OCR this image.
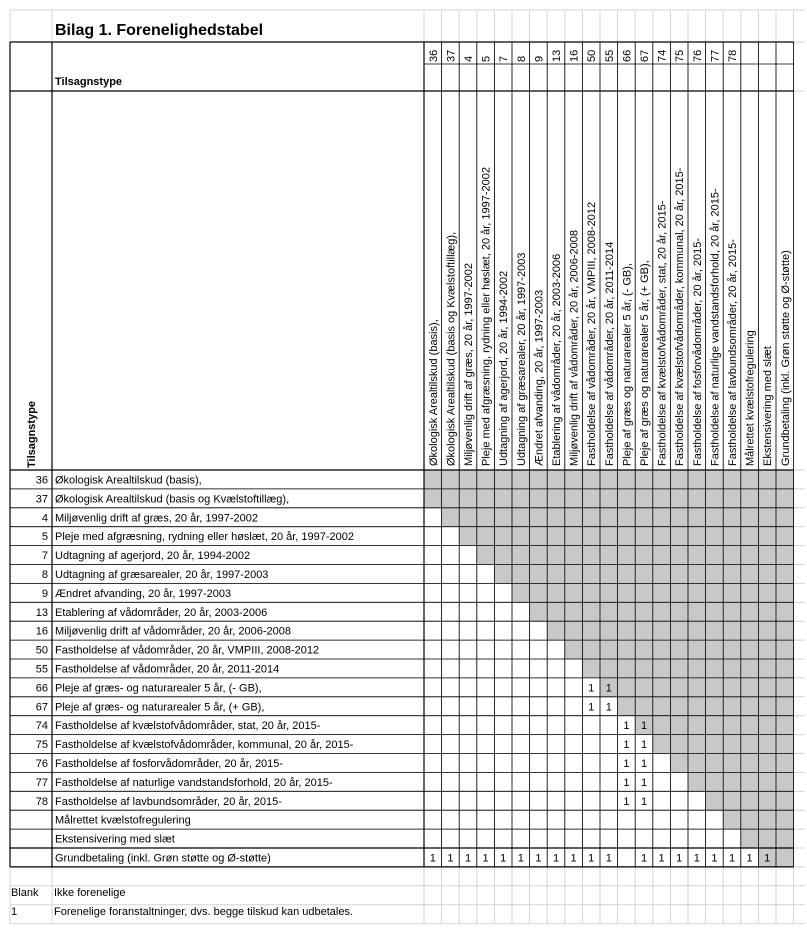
Bilag 1. Forenelighedstabel
Tilsagnstype
Tilsagnstype
36 Økologisk Arealtilskud (basis),
37 Økologisk Arealtilskud (basis og Kvælstoftillæg),
4 Miljøvenlig drift af græs, 20 år, 1997-2002
5 Pleje med afgræsning, rydning eller høslæt, 20 år, 1997-2002
7 Udtagning af agerjord, 20 år, 1994-2002
8 Udtagning af græsarealer, 20 år, 1997-2003
9 Ændret afvanding, 20 år, 1997-2003
13 Etablering af vådområder, 20 år, 2003-2006
16 Miljøvenlig drift af vådområder, 20 år, 2006-2008
50 Fastholdelse af vådområder, 20 år, VMPIII, 2008-2012
55 Fastholdelse af vådområder, 20 år, 2011-2014
66 Pleje af græs- og naturarealer 5 år, (- GB),
67 Pleje af græs- og naturarealer 5 år, (+ GB),
74 Fastholdelse af kvælstofvådområder, stat, 20 år, 2015-
75 Fastholdelse af kvælstofvådområder, kommunal, 20 år, 2015-
76 Fastholdelse af fosforvådområder, 20 år, 2015-
77 Fastholdelse af naturlige vandstandsforhold, 20 år, 2015-
78 Fastholdelse af lavbundsområder, 20 år, 2015-
Målrettet kvælstofregulering
Ekstensivering med slæt
Grundbetaling (inkl. Grøn støtte og Ø-støtte)
36
Økologisk Arealtilskud (basis),
37
Økologisk Arealtilskud (basis og Kvælstoftillæg),
4
Miljøvenlig drift af græs, 20 år, 1997-2002
5
Pleje med afgræsning, rydning eller høslæt, 20 år, 1997-2002
7
Udtagning af agerjord, 20 år, 1994-2002
8
Udtagning af græsarealer, 20 år, 1997-2003
9
Ændret afvanding, 20 år, 1997-2003
13
Etablering af vådområder, 20 år, 2003-2006
16
Miljøvenlig drift af vådområder, 20 år, 2006-2008
50
Fastholdelse af vådområder, 20 år, VMPIII, 2008-2012
55
Fastholdelse af vådområder, 20 år, 2011-2014
66
Pleje af græs og naturarealer 5 år, (- GB),
67
Pleje af græs og naturarealer 5 år, (+ GB),
74
Fastholdelse af kvælstofvådområder, stat, 20 år, 2015-
75
Fastholdelse af kvælstofvådområder, kommunal, 20 år, 2015-
76
Fastholdelse af fosforvådområder, 20 år, 2015-
77
Fastholdelse af naturlige vandstandsforhold, 20 år, 2015-
78
Fastholdelse af lavbundsområder, 20 år, 2015- Målrettet kvælstofregulering Ekstensivering med slæt Grundbetaling (inkl. Grøn støtte og Ø-støtte)
1 1
1 1
1 1
1 1
1 1
1 1
1 1
1 1 1 1 1 1 1 1 1 1 1	1 1 1 1 1 1 1 1
Blank Ikke forenelige
1	Forenelige foranstaltninger, dvs. begge tilskud kan udbetales.
